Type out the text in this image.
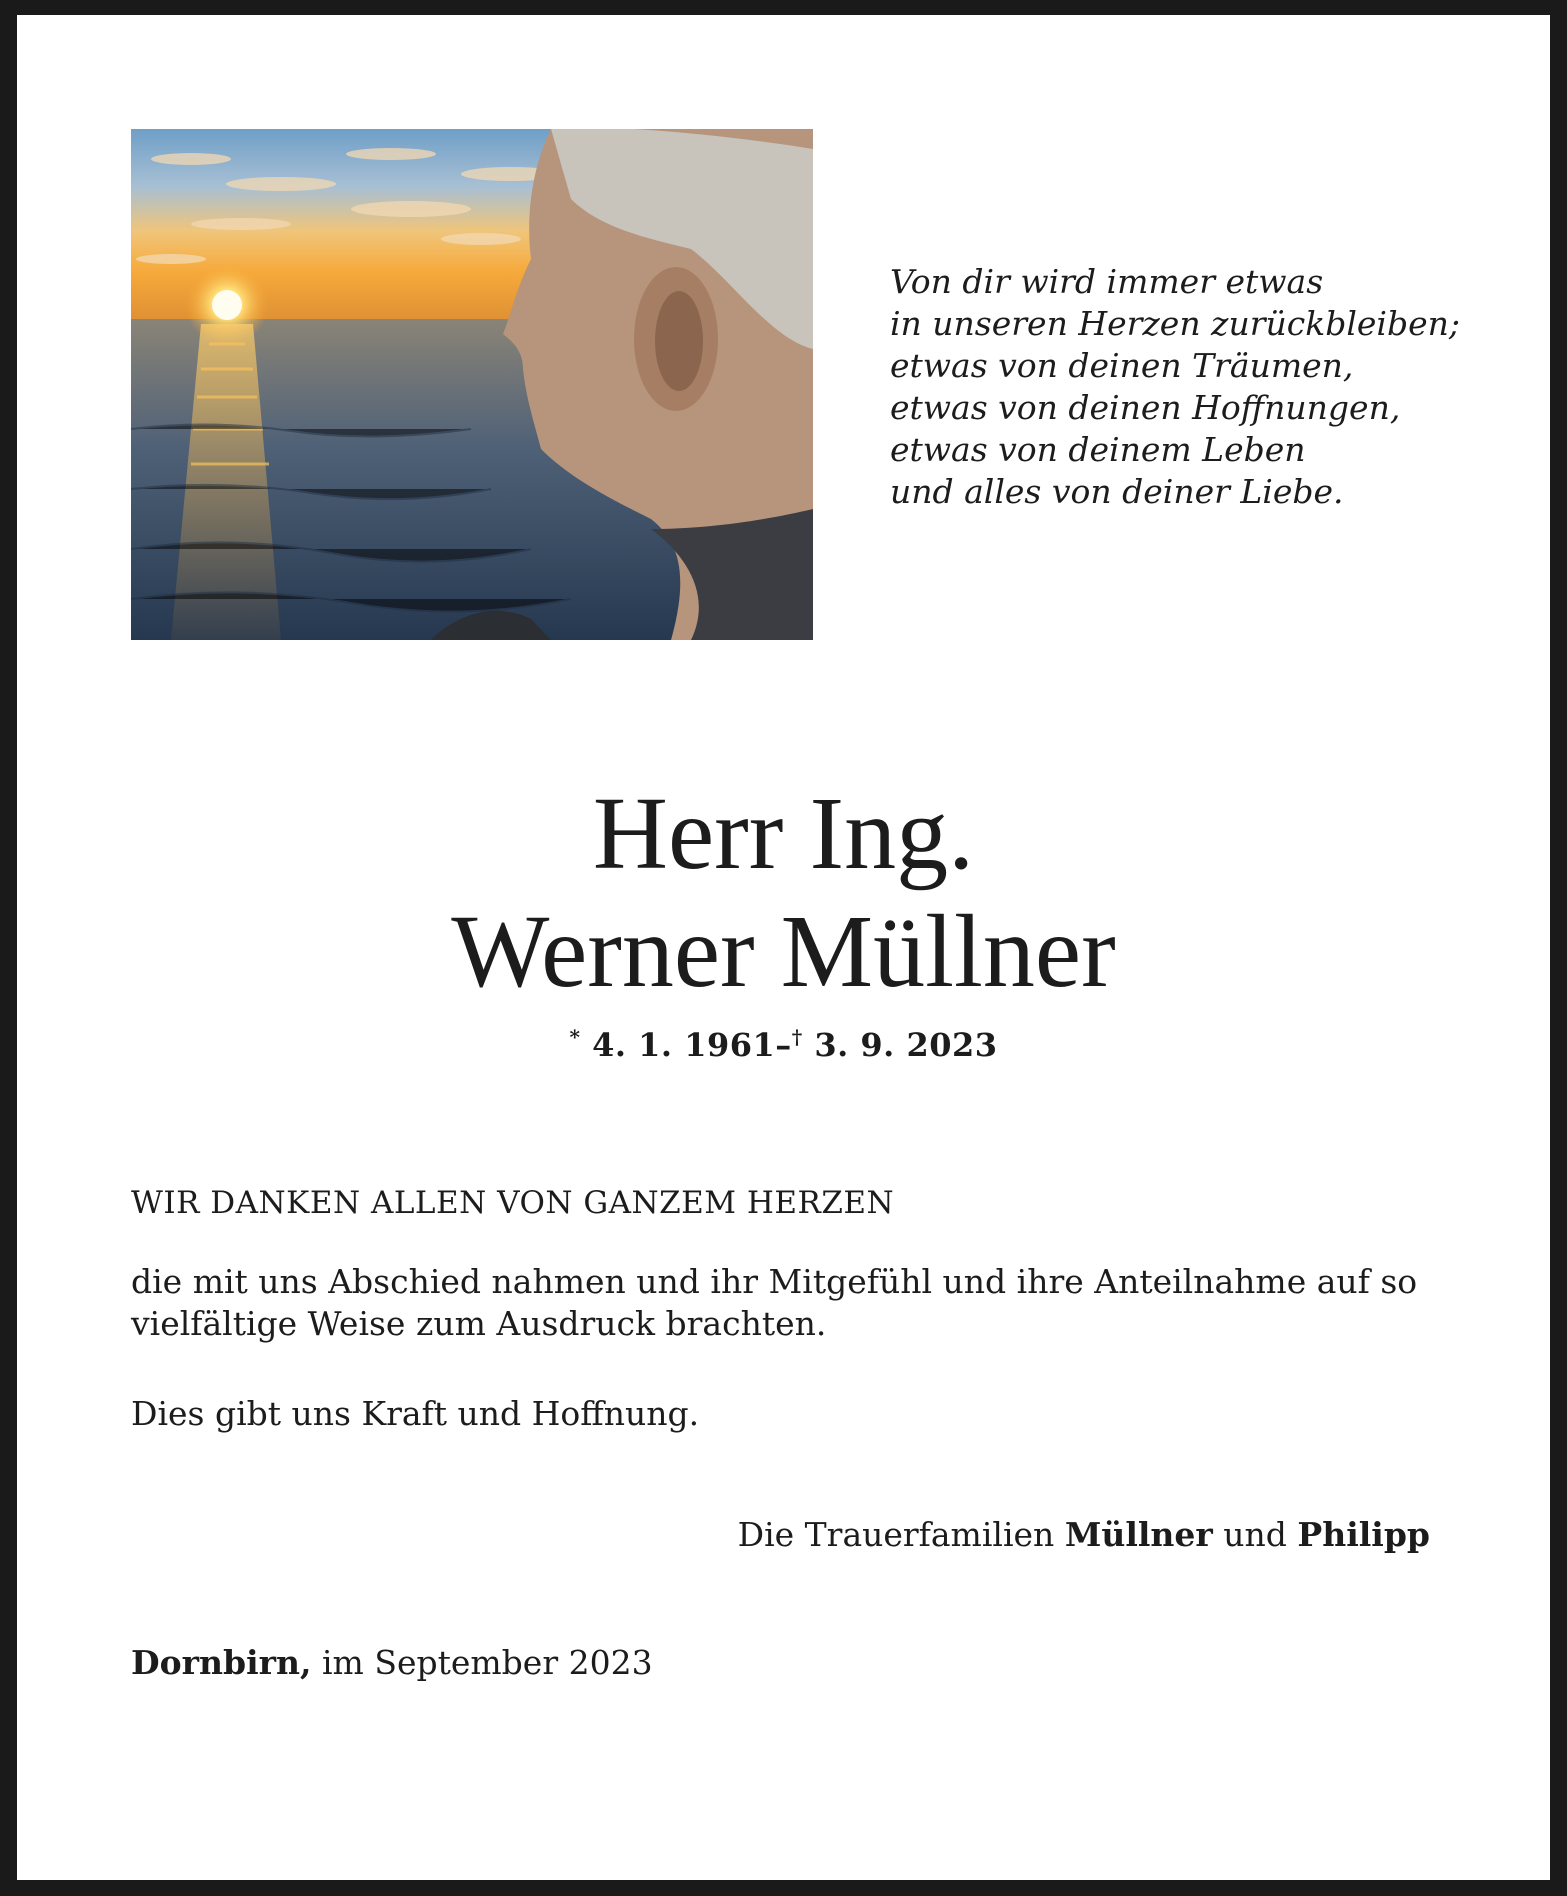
Von dir wird immer etwas
in unseren Herzen zurückbleiben;
etwas von deinen Träumen,
etwas von deinen Hoffnungen,
etwas von deinem Leben
und alles von deiner Liebe.
Herr Ing.
Werner Müllner
* 4. 1. 1961–† 3. 9. 2023
WIR DANKEN ALLEN VON GANZEM HERZEN
die mit uns Abschied nahmen und ihr Mitgefühl und ihre Anteilnahme auf so
vielfältige Weise zum Ausdruck brachten.
Dies gibt uns Kraft und Hoffnung.
Die Trauerfamilien Müllner und Philipp
Dornbirn, im September 2023
